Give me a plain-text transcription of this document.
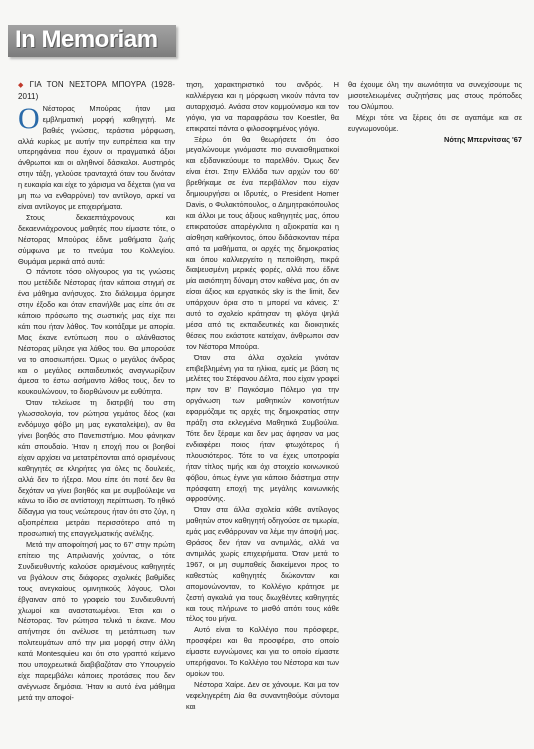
In Memoriam
◆ ΓΙΑ ΤΟΝ ΝΕΣΤΟΡΑ ΜΠΟΥΡΑ (1928-2011)

Ο Νέστορας Μπούρας ήταν μια εμβληματική μορφή καθηγητή. Με βαθιές γνώσεις, τεράστια μόρφωση, αλλά κυρίως με αυτήν την ευπρέπεια και την υπερηφάνεια που έχουν οι πραγματικά άξιοι άνθρωποι και οι αληθινοί δάσκαλοι. Αυστηρός στην τάξη, γελούσε τρανταχτά όταν του δινόταν η ευκαιρία και είχε το χάρισμα να δέχεται (για να μη πω να ενθαρρύνει) τον αντίλογο, αρκεί να είναι αντίλογος με επιχειρήματα.

Στους δεκαεπτάχρονους και δεκαεννιάχρονους μαθητές που είμαστε τότε, ο Νέστορας Μπούρας έδινε μαθήματα ζωής σύμφωνα με το πνεύμα του Κολλεγίου. Θυμάμαι μερικά από αυτά:

Ο πάντοτε τόσο ολίγουρος για τις γνώσεις που μετέδιδε Νέστορας ήταν κάποια στιγμή σε ένα μάθημα ανήσυχος. Στο διάλειμμα όρμησε στην έξοδο και όταν επανήλθε μας είπε ότι σε κάποιο πρόσωπο της σωστικής μας είχε πει κάτι που ήταν λάθος. Τον κοιτάξαμε με απορία. Μας έκανε εντύπωση που ο αλάνθαστος Νέστορας μίλησε για λάθος του. Θα μπορούσε να το αποσιωπήσει. Όμως ο μεγάλος άνδρας και ο μεγάλος εκπαιδευτικός αναγνωρίζουν άμεσα το έστω ασήμαντο λάθος τους, δεν το κουκουλώνουν, το διορθώνουν με ευθύτητα.

Όταν τελείωσε τη διατριβή του στη γλωσσολογία, τον ρώτησα γεμάτος δέος (και ενδόμυχο φόβο μη μας εγκαταλείψει), αν θα γίνει βοηθός στο Πανεπιστήμιο. Μου φάνηκαν κάτι σπουδαίο. Ήταν η εποχή που οι βοηθοί είχαν αρχίσει να μετατρέπονται από ορισμένους καθηγητές σε κληρήτες για όλες τις δουλειές, αλλά δεν το ήξερα. Μου είπε ότι ποτέ δεν θα δεχόταν να γίνει βοηθός και με συμβούλεψε να κάνω το ίδιο σε αντίστοιχη περίπτωση. Το ηθικό δίδαγμα για τους νεώτερους ήταν ότι στο ζύγι, η αξιοπρέπεια μετράει περισσότερο από τη προσωπική της επαγγελματικής ανέλιξης.

Μετά την αποφοίτησή μας το 67' στην πρώτη επίτειο της Απριλιανής χούντας, ο τότε Συνδιευθυντής καλούσε ορισμένους καθηγητές να βγάλουν στις διάφορες σχολικές βαθμίδες τους ανεγκαίους ομινητικούς λόγους. Όλοι έβγαιναν από το γραφείο του Συνδιευθυντή χλωμοί και αναστατωμένοι. Έτσι και ο Νέστορας. Τον ρώτησα τελικά τι έκανε. Μου απήντησε ότι ανέλυσε τη μετάπτωση των πολιτευμάτων από την μια μορφή στην άλλη κατά Montesquieu και ότι στο γραπτό κείμενο που υποχρεωτικά διαβιβαζόταν στο Υπουργείο είχε παρεμβάλει κάποιες προτάσεις που δεν ανέγνωσε δημόσια. Ήταν κι αυτό ένα μάθημα μετά την αποφοί-

τηση, χαρακτηριστικό του ανδρός. Η καλλιέργεια και η μόρφωση νικούν πάντα τον αυταρχισμό. Ανάσα στον κομμούνισμο και τον γιόγκι, για να παραφράσω τον Koestler, θα επικρατεί πάντα ο φιλοσοφημένος γιόγκι.

Ξέρω ότι θα θεωρήσετε ότι όσο μεγαλώνουμε γινόμαστε πιο συναισθηματικοί και εξιδανικεύουμε το παρελθόν. Όμως δεν είναι έτσι. Στην Ελλάδα των αρχών του 60' βρεθήκαμε σε ένα περιβάλλον που είχαν δημιουργήσει οι Ιδρυτές, ο President Homer Davis, ο Φυλακτόπουλος, ο Δημητρακόπουλος και άλλοι με τους άξιους καθηγητές μας, όπου επικρατούσε απαρέγκλιτα η αξιοκρατία και η αίσθηση καθήκοντος, όπου διδάσκονταν πέρα από τα μαθήματα, οι αρχές της δημοκρατίας και όπου καλλιεργείτο η πεποίθηση, πικρά διαψευσμένη μερικές φορές, αλλά που έδινε μία αισιόπητη δύναμη στον καθένα μας, ότι αν είσαι άξιος και εργατικός sky is the limit, δεν υπάρχουν όρια στο τι μπορεί να κάνεις. Σ' αυτό το σχολείο κράτησαν τη φλόγα ψηλά μέσα από τις εκπαιδευτικές και διοικητικές θέσεις που εκάστοτε κατείχαν, άνθρωποι σαν τον Νέστορα Μπούρα.

Όταν στα άλλα σχολεία γινόταν επιβεβλημένη για τα ηλίκια, εμείς με βάση τις μελέτες του Στέφανου Δέλτα, που είχαν γραφεί πριν τον Β' Παγκόσμιο Πόλεμο για την οργάνωση των μαθητικών κοινοτήτων εφαρμόζαμε τις αρχές της δημοκρατίας στην πράξη στα εκλεγμένα Μαθητικά Συμβούλια. Τότε δεν ξέραμε και δεν μας άφησαν να μας ενδιαφέρει ποιος ήταν φτωχότερος ή πλουσιότερος. Τότε το να έχεις υποτροφία ήταν τίτλος τιμής και όχι στοιχείο κοινωνικού φόβου, όπως έγινε για κάποιο διάστημα στην πρόσφατη εποχή της μεγάλης κοινωνικής αφροσύνης.

Όταν στα άλλα σχολεία κάθε αντίλογος μαθητών στον καθηγητή οδηγούσε σε τιμωρία, εμάς μας ενθάρρυναν να λέμε την άποψή μας. Θράσος δεν ήταν να αντιμιλάς, αλλά να αντιμιλάς χωρίς επιχειρήματα. Όταν μετά το 1967, οι μη συμπαθείς διακείμενοι προς το καθεστώς καθηγητές διώκονταν και απομονώνονταν, το Κολλέγιο κράτησε με ζεστή αγκαλιά για τους διωχθέντες καθηγητές και τους πλήρωνε το μισθό απότι τους κάθε τέλος του μήνα.

Αυτό είναι το Κολλέγιο που πρόσφερε, προσφέρει και θα προσφέρει, στο οποίο είμαστε ευγνώμονες και για το οποίο είμαστε υπερήφανοι. Το Κολλέγιο του Νέστορα και των ομοίων του.

Νέστορα Χαίρε. Δεν σε χάνουμε. Και μα τον νεφεληγερέτη Δία θα συναντηθούμε σύντομα και

θα έχουμε όλη την αιωνιότητα να συνεχίσουμε τις μισοτελειωμένες συζητήσεις μας στους πρόποδες του Ολύμπου.

Μέχρι τότε να ξέρεις ότι σε αγαπάμε και σε ευγνωμονούμε.

Νότης Μπερνίτσας '67
